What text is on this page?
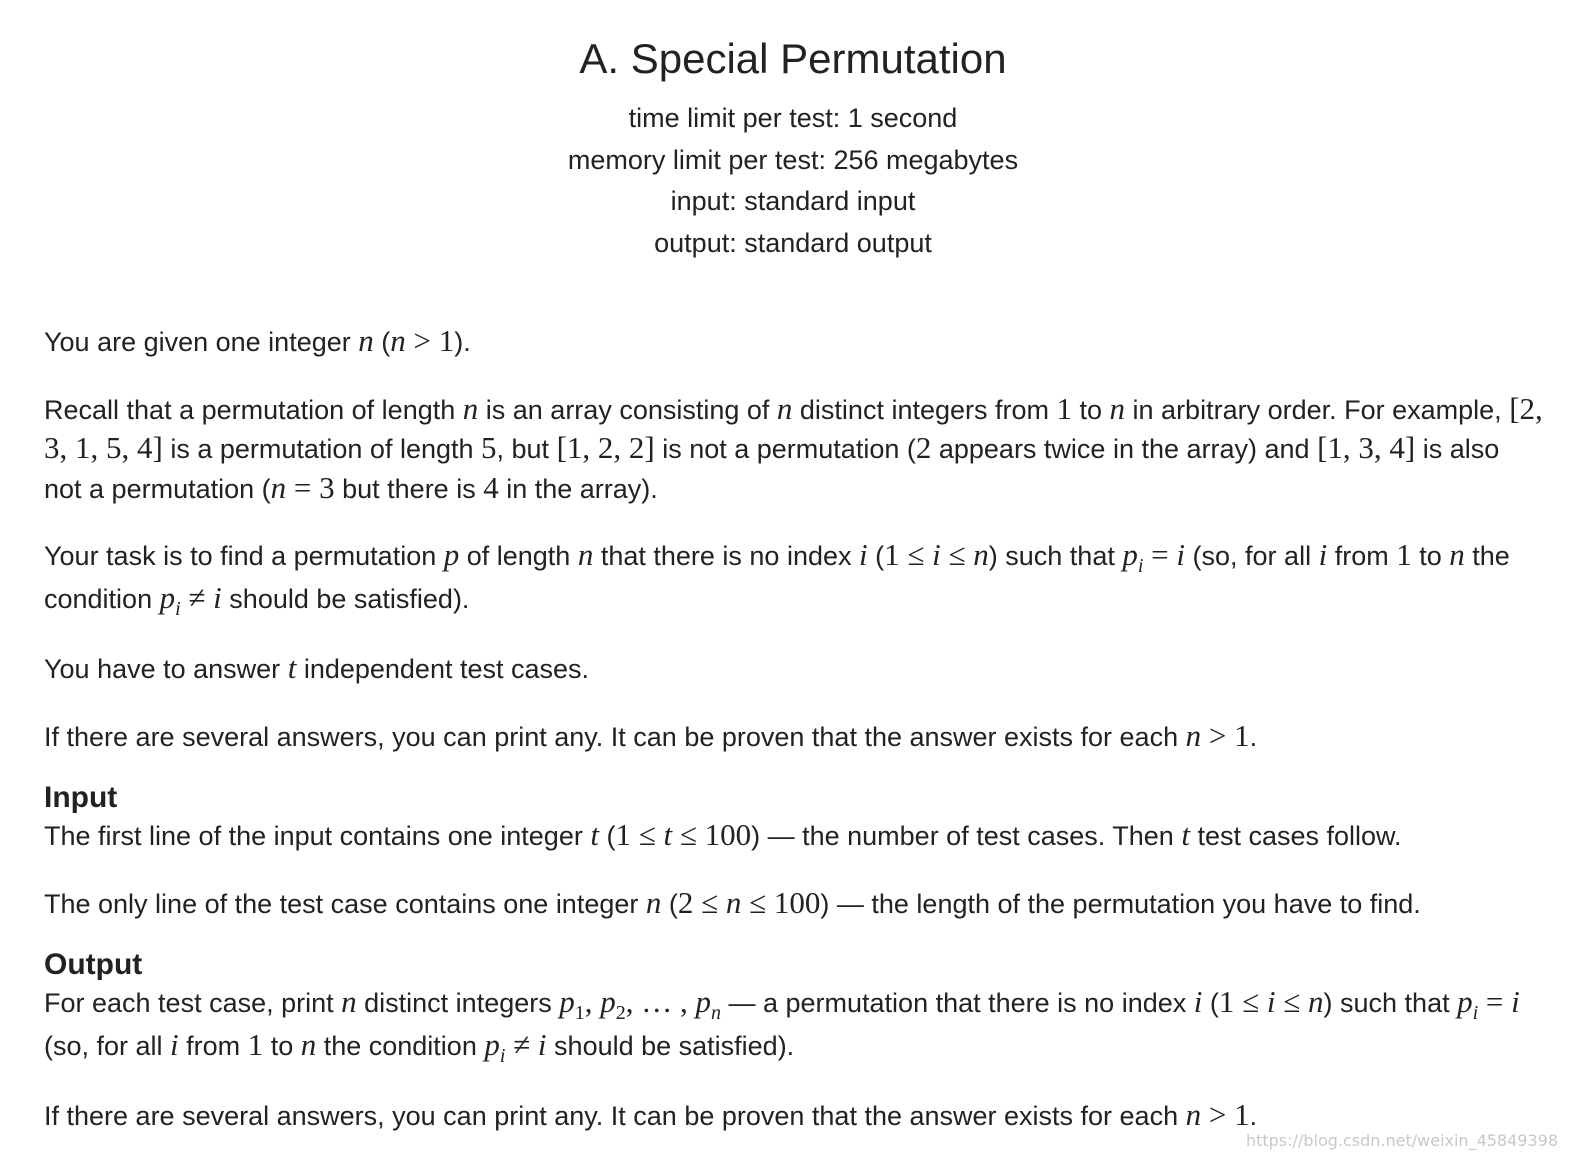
A. Special Permutation
time limit per test: 1 second
memory limit per test: 256 megabytes
input: standard input
output: standard output

You are given one integer n (n > 1).

Recall that a permutation of length n is an array consisting of n distinct integers from 1 to n in arbitrary order. For example, [2, 3, 1, 5, 4] is a permutation of length 5, but [1, 2, 2] is not a permutation (2 appears twice in the array) and [1, 3, 4] is also not a permutation (n = 3 but there is 4 in the array).

Your task is to find a permutation p of length n that there is no index i (1 ≤ i ≤ n) such that $p_i = i$ (so, for all i from 1 to n the condition $p_i \ne i$ should be satisfied).

You have to answer t independent test cases.

If there are several answers, you can print any. It can be proven that the answer exists for each n > 1.

Input

The first line of the input contains one integer t (1 ≤ t ≤ 100) — the number of test cases. Then t test cases follow.

The only line of the test case contains one integer n (2 ≤ n ≤ 100) — the length of the permutation you have to find.

Output

For each test case, print n distinct integers $p_1$, $p_2$, … , $p_n$ — a permutation that there is no index i (1 ≤ i ≤ n) such that $p_i = i$ (so, for all i from 1 to n the condition $p_i \ne i$ should be satisfied).

If there are several answers, you can print any. It can be proven that the answer exists for each n > 1.

https://blog.csdn.net/weixin_45849398
